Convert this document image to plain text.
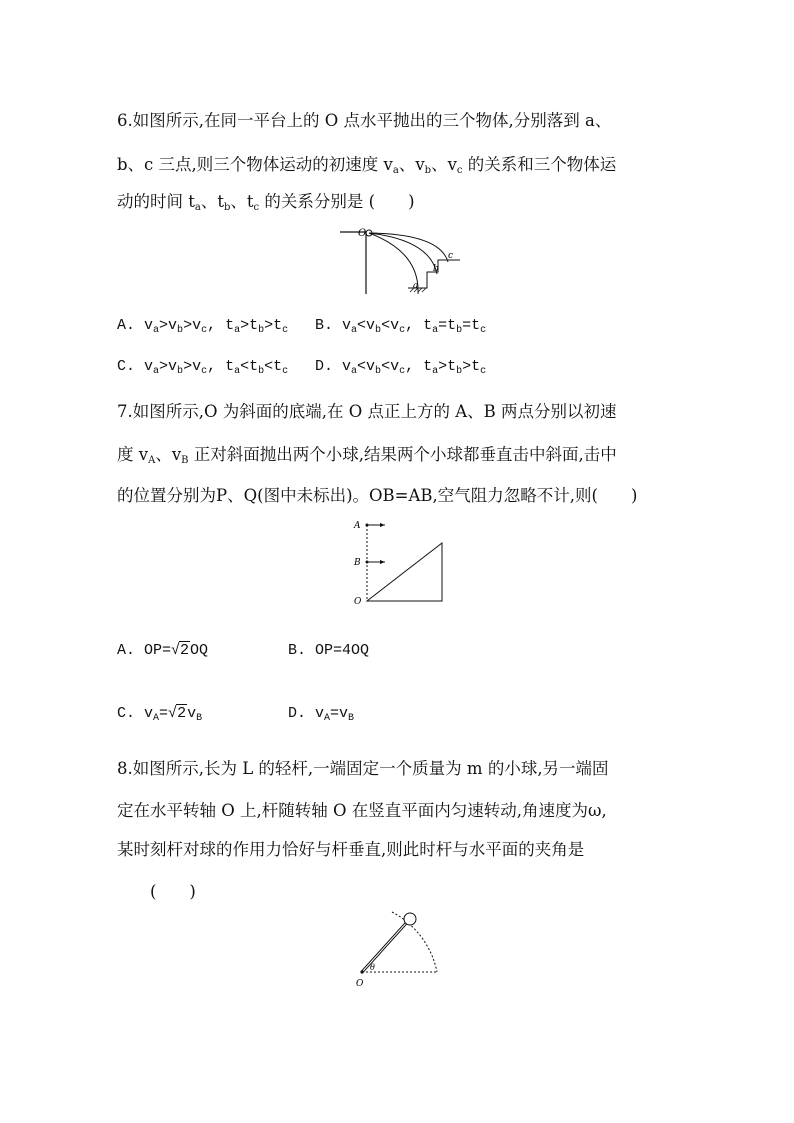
6.如图所示,在同一平台上的 O 点水平抛出的三个物体,分别落到 a、
b、c 三点,则三个物体运动的初速度 $v_a$、$v_b$、$v_c$ 的关系和三个物体运
动的时间 $t_a$、$t_b$、$t_c$ 的关系分别是 (　　)
O
a
b
c
A. $v_a>v_b>v_c$, $t_a>t_b>t_c$ B. $v_a<v_b<v_c$, $t_a=t_b=t_c$
C. $v_a>v_b>v_c$, $t_a<t_b<t_c$ D. $v_a<v_b<v_c$, $t_a>t_b>t_c$
7.如图所示,O 为斜面的底端,在 O 点正上方的 A、B 两点分别以初速
度 $v_A$、$v_B$ 正对斜面抛出两个小球,结果两个小球都垂直击中斜面,击中
的位置分别为P、Q(图中未标出)。OB=AB,空气阻力忽略不计,则(　　)
A
B
O
A. OP=√2OQ	B. OP=4OQ
C. $v_A=√2v_B$	D. $v_A=v_B$
8.如图所示,长为 L 的轻杆,一端固定一个质量为 m 的小球,另一端固
定在水平转轴 O 上,杆随转轴 O 在竖直平面内匀速转动,角速度为ω,
某时刻杆对球的作用力恰好与杆垂直,则此时杆与水平面的夹角是
(　　)
O
θ
